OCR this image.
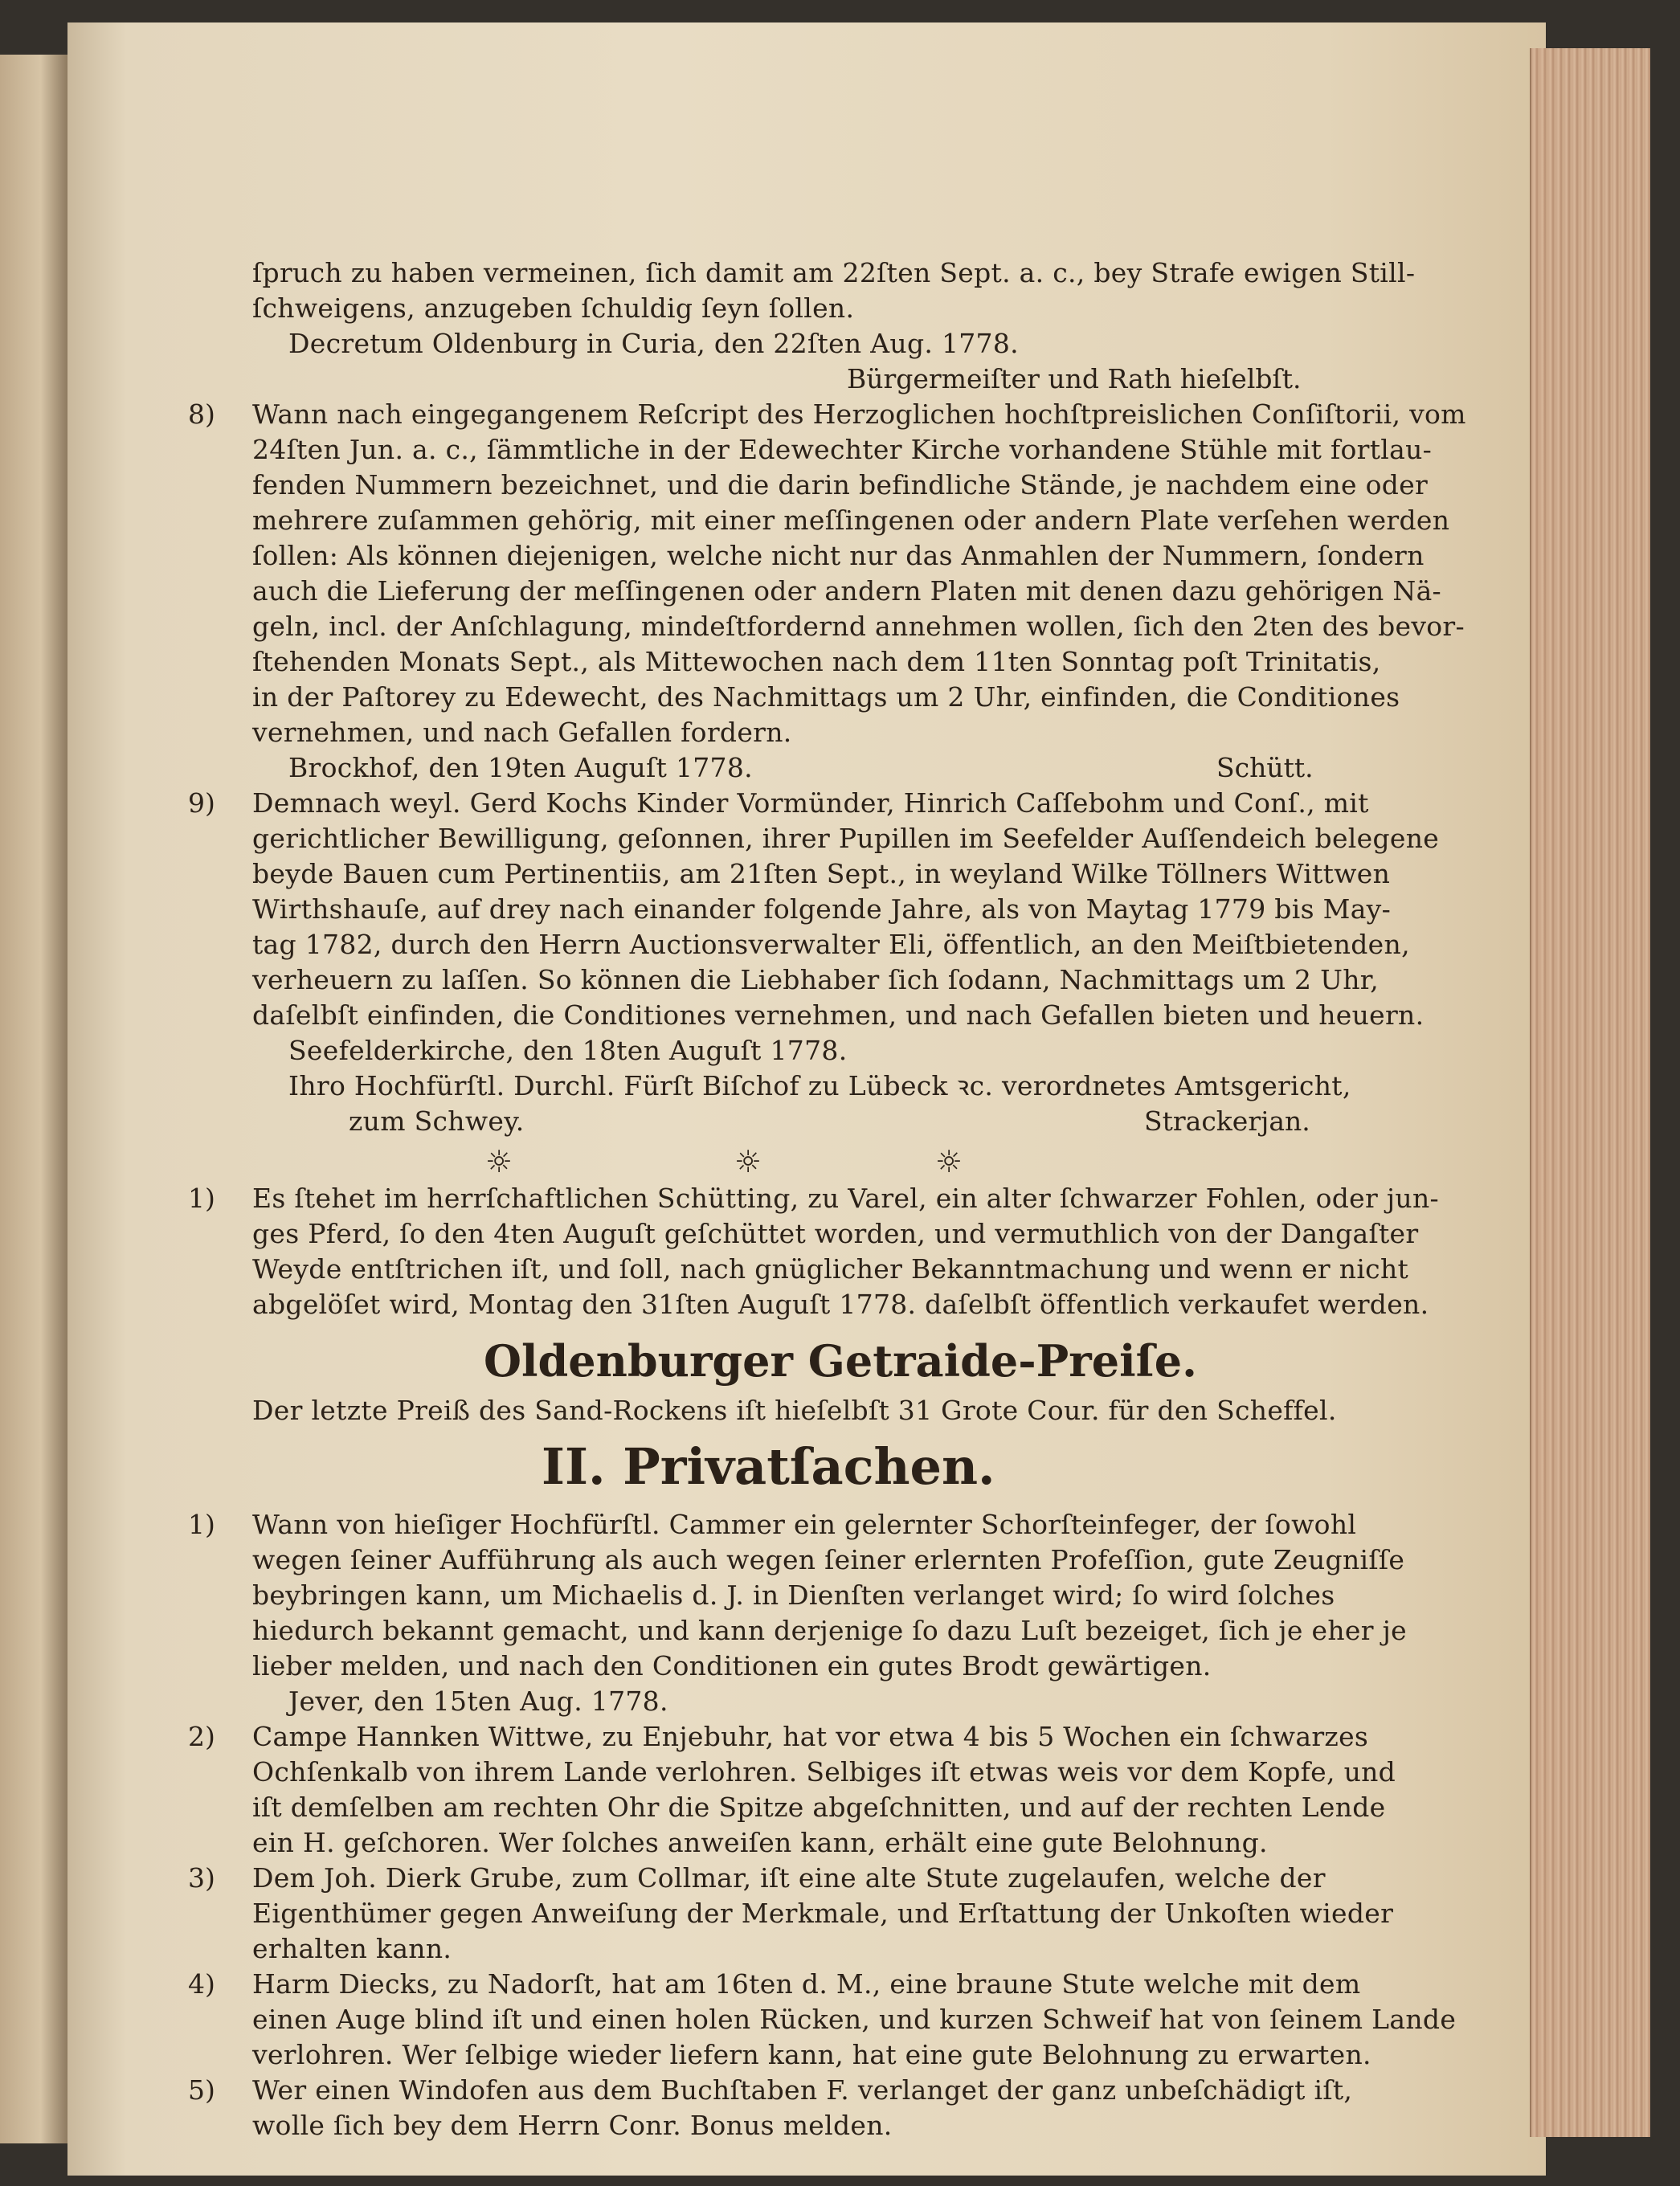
ſpruch zu haben vermeinen, ſich damit am 22ſten Sept. a. c., bey Strafe ewigen Still-
ſchweigens, anzugeben ſchuldig ſeyn ſollen.
Decretum Oldenburg in Curia, den 22ſten Aug. 1778.
Bürgermeiſter und Rath hieſelbſt.
8) Wann nach eingegangenem Reſcript des Herzoglichen hochſtpreislichen Conſiſtorii, vom
24ſten Jun. a. c., ſämmtliche in der Edewechter Kirche vorhandene Stühle mit fortlau-
fenden Nummern bezeichnet, und die darin befindliche Stände, je nachdem eine oder
mehrere zuſammen gehörig, mit einer meſſingenen oder andern Plate verſehen werden
ſollen: Als können diejenigen, welche nicht nur das Anmahlen der Nummern, ſondern
auch die Lieferung der meſſingenen oder andern Platen mit denen dazu gehörigen Nä-
geln, incl. der Anſchlagung, mindeſtfordernd annehmen wollen, ſich den 2ten des bevor-
ſtehenden Monats Sept., als Mittewochen nach dem 11ten Sonntag poſt Trinitatis,
in der Paſtorey zu Edewecht, des Nachmittags um 2 Uhr, einfinden, die Conditiones
vernehmen, und nach Gefallen fordern.
Brockhof, den 19ten Auguſt 1778.	Schütt.
9) Demnach weyl. Gerd Kochs Kinder Vormünder, Hinrich Caſſebohm und Conſ., mit
gerichtlicher Bewilligung, geſonnen, ihrer Pupillen im Seefelder Auſſendeich belegene
beyde Bauen cum Pertinentiis, am 21ſten Sept., in weyland Wilke Töllners Wittwen
Wirthshauſe, auf drey nach einander folgende Jahre, als von Maytag 1779 bis May-
tag 1782, durch den Herrn Auctionsverwalter Eli, öffentlich, an den Meiſtbietenden,
verheuern zu laſſen. So können die Liebhaber ſich ſodann, Nachmittags um 2 Uhr,
daſelbſt einfinden, die Conditiones vernehmen, und nach Gefallen bieten und heuern.
Seefelderkirche, den 18ten Auguſt 1778.
Ihro Hochfürſtl. Durchl. Fürſt Biſchof zu Lübeck ꝛc. verordnetes Amtsgericht,
zum Schwey.	Strackerjan.
☼	☼	☼
1) Es ſtehet im herrſchaftlichen Schütting, zu Varel, ein alter ſchwarzer Fohlen, oder jun-
ges Pferd, ſo den 4ten Auguſt geſchüttet worden, und vermuthlich von der Dangaſter
Weyde entſtrichen iſt, und ſoll, nach gnüglicher Bekanntmachung und wenn er nicht
abgelöſet wird, Montag den 31ſten Auguſt 1778. daſelbſt öffentlich verkaufet werden.
Oldenburger Getraide-Preiſe.
Der letzte Preiß des Sand-Rockens iſt hieſelbſt 31 Grote Cour. für den Scheffel.
II. Privatſachen.
1) Wann von hieſiger Hochfürſtl. Cammer ein gelernter Schorſteinfeger, der ſowohl
wegen ſeiner Aufführung als auch wegen ſeiner erlernten Profeſſion, gute Zeugniſſe
beybringen kann, um Michaelis d. J. in Dienſten verlanget wird; ſo wird ſolches
hiedurch bekannt gemacht, und kann derjenige ſo dazu Luſt bezeiget, ſich je eher je
lieber melden, und nach den Conditionen ein gutes Brodt gewärtigen.
Jever, den 15ten Aug. 1778.
2) Campe Hannken Wittwe, zu Enjebuhr, hat vor etwa 4 bis 5 Wochen ein ſchwarzes
Ochſenkalb von ihrem Lande verlohren. Selbiges iſt etwas weis vor dem Kopfe, und
iſt demſelben am rechten Ohr die Spitze abgeſchnitten, und auf der rechten Lende
ein H. geſchoren. Wer ſolches anweiſen kann, erhält eine gute Belohnung.
3) Dem Joh. Dierk Grube, zum Collmar, iſt eine alte Stute zugelaufen, welche der
Eigenthümer gegen Anweiſung der Merkmale, und Erſtattung der Unkoſten wieder
erhalten kann.
4) Harm Diecks, zu Nadorſt, hat am 16ten d. M., eine braune Stute welche mit dem
einen Auge blind iſt und einen holen Rücken, und kurzen Schweif hat von ſeinem Lande
verlohren. Wer ſelbige wieder liefern kann, hat eine gute Belohnung zu erwarten.
5) Wer einen Windofen aus dem Buchſtaben F. verlanget der ganz unbeſchädigt iſt,
wolle ſich bey dem Herrn Conr. Bonus melden.
